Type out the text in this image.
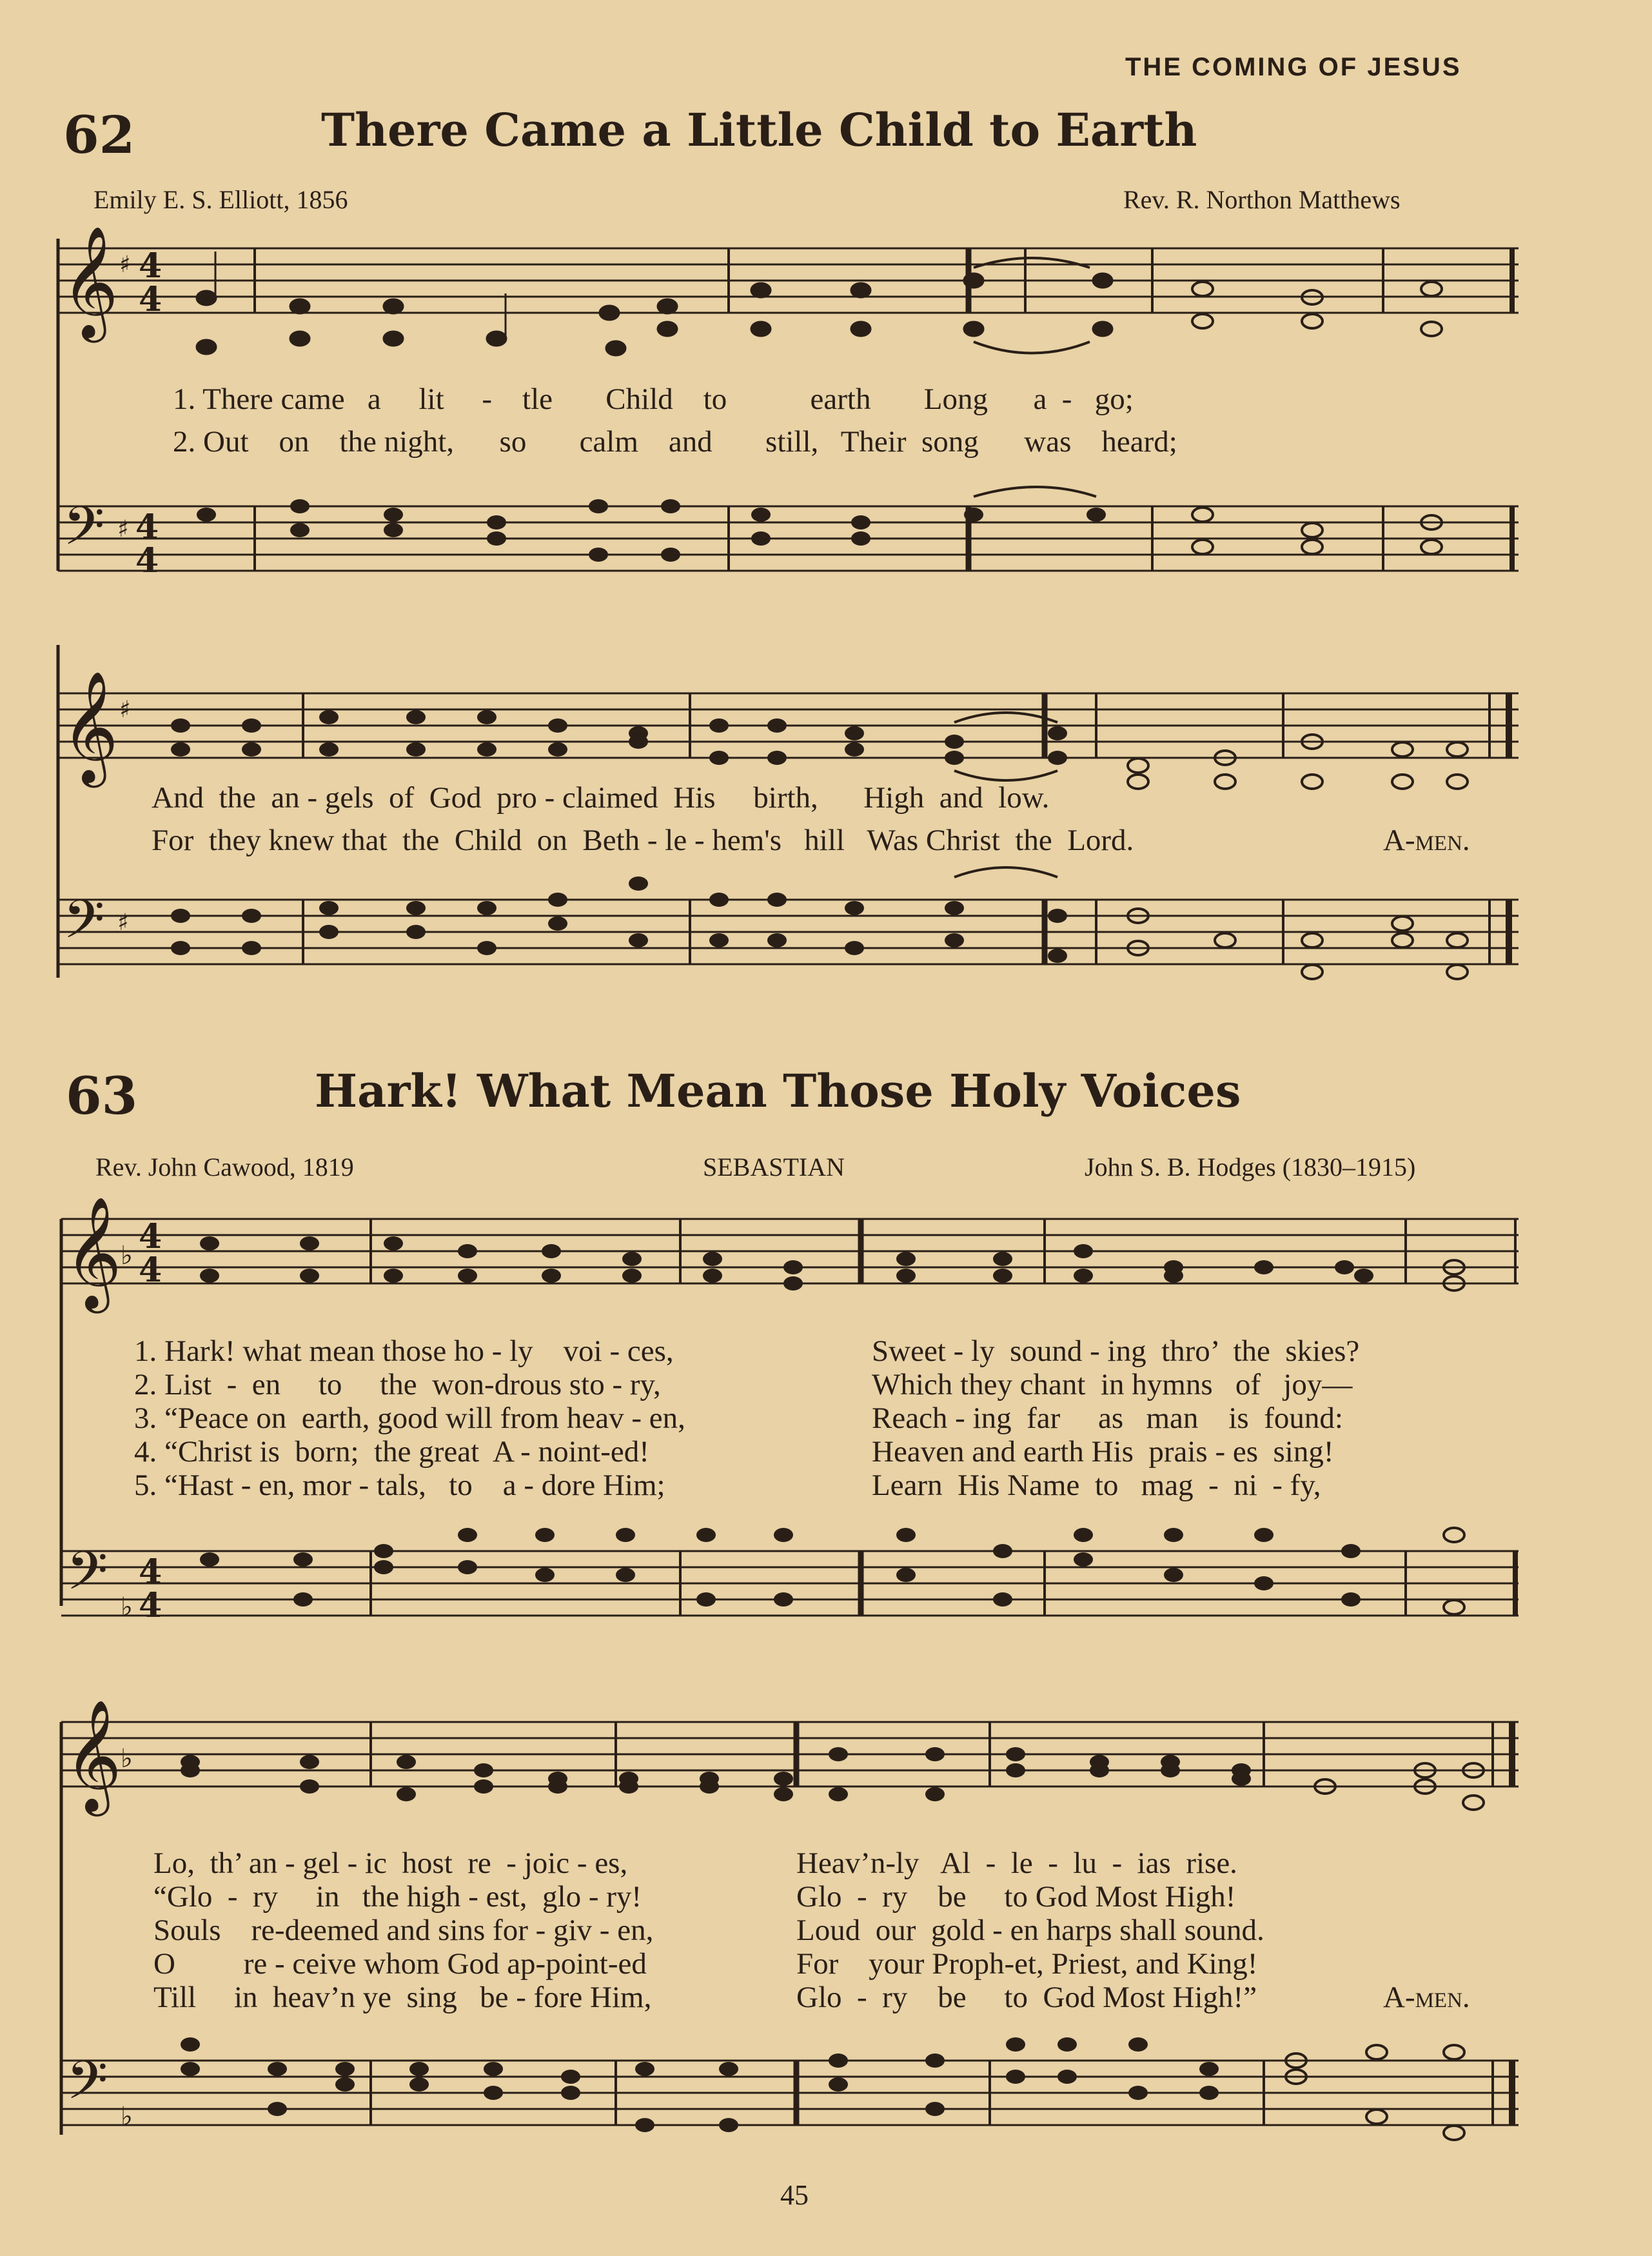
THE COMING OF JESUS
62	There Came a Little Child to Earth
Emily E. S. Elliott, 1856	Rev. R. Northon Matthews
𝄞 ♯ 4
4
1. There came   a     lit     -    tle       Child    to           earth       Long      a  -   go;
2. Out    on    the night,      so       calm    and       still,   Their  song      was    heard;
𝄢 ♯ 4
4
𝄞 ♯
And  the  an - gels  of  God  pro - claimed  His     birth,      High  and  low.
For  they knew that  the  Child  on  Beth - le - hem's   hill   Was Christ  the  Lord.	A-men.
𝄢 ♯
63	Hark! What Mean Those Holy Voices
Rev. John Cawood, 1819	SEBASTIAN	John S. B. Hodges (1830–1915)
𝄞
♭ 4
4
1. Hark! what mean those ho - ly    voi - ces,
2. List  -  en     to     the  won-drous sto - ry,
3. “Peace on  earth, good will from heav - en,
4. “Christ is  born;  the great  A - noint-ed!
5. “Hast - en, mor - tals,   to    a - dore Him;
Sweet - ly  sound - ing  thro’  the  skies?
Which they chant  in hymns   of   joy—
Reach - ing  far     as   man    is  found:
Heaven and earth His  prais - es  sing!
Learn  His Name  to   mag  -  ni  - fy,
𝄢 ♭
4
4
𝄞
♭
Lo,  th’ an - gel - ic  host  re  - joic - es,
“Glo  -  ry     in   the high - est,  glo - ry!
Souls    re-deemed and sins for - giv - en,
O         re - ceive whom God ap-point-ed
Till     in  heav’n ye  sing   be - fore Him,
Heav’n-ly   Al  -  le  -  lu  -  ias  rise.
Glo  -  ry    be     to God Most High!
Loud  our  gold - en harps shall sound.
For    your Proph-et, Priest, and King!
Glo  -  ry    be     to  God Most High!”	A-men.
𝄢 ♭
45
